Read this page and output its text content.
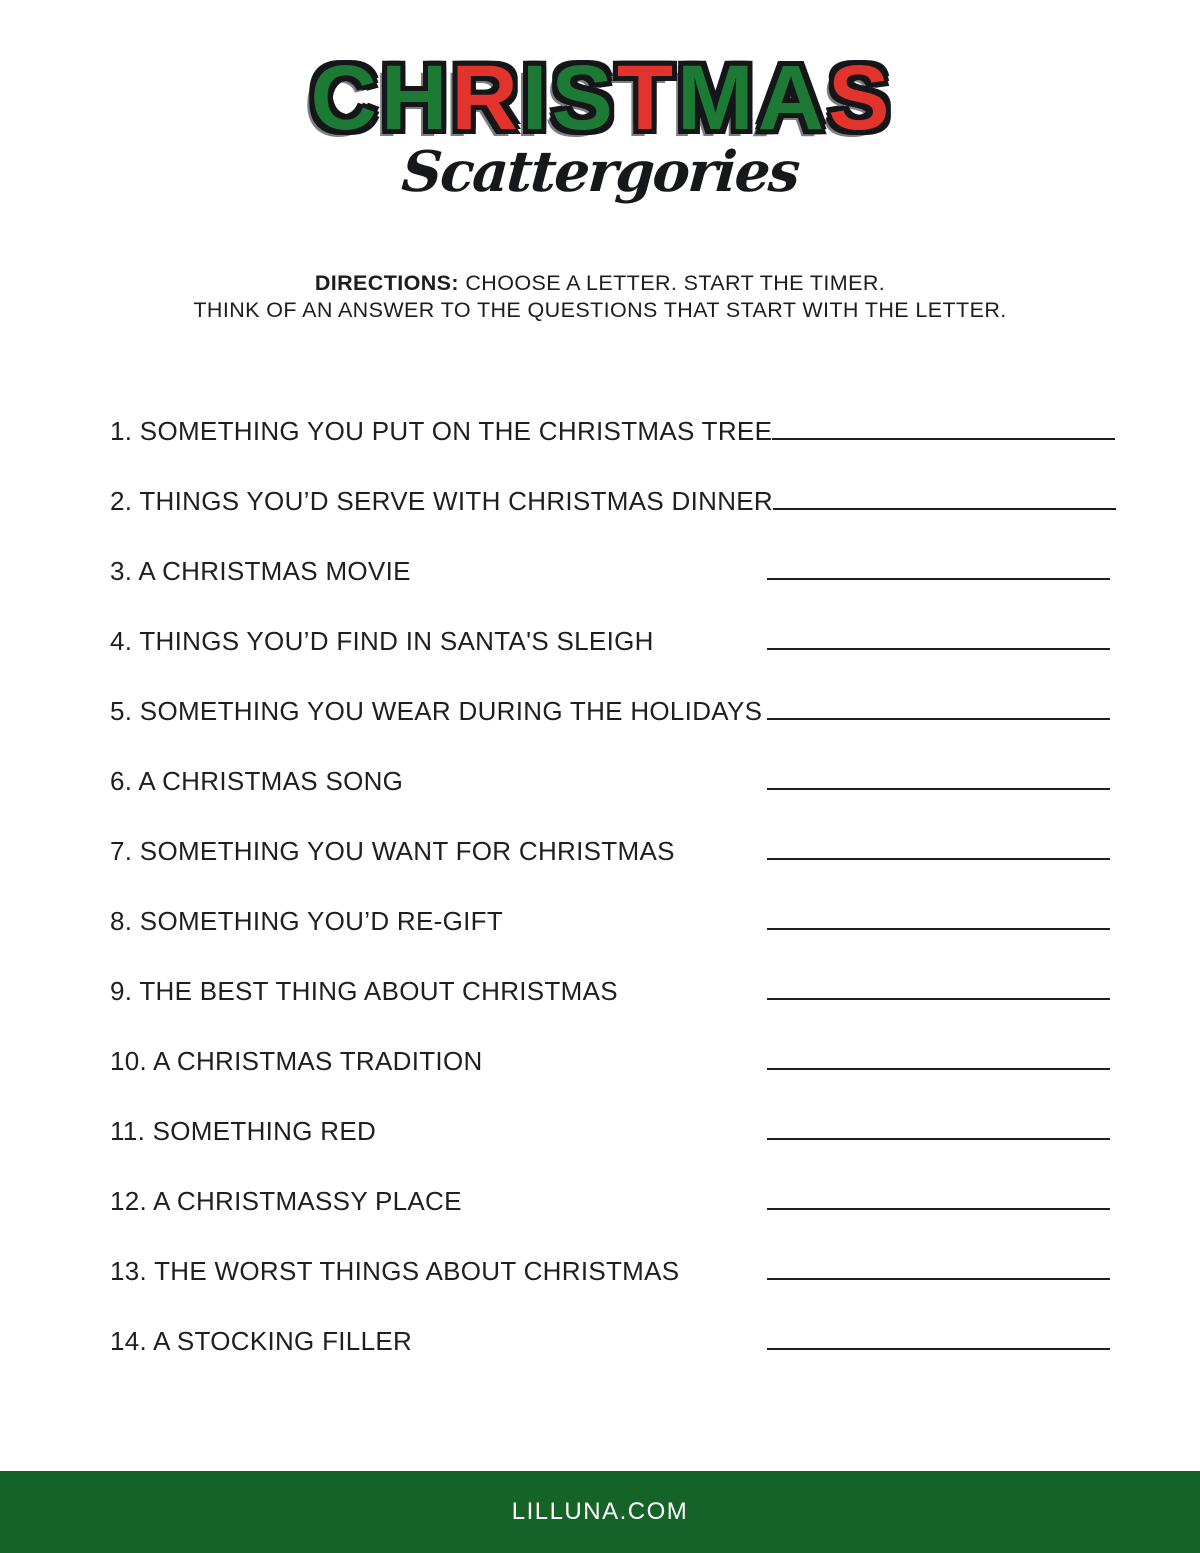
CHRISTMAS
Scattergories
DIRECTIONS: CHOOSE A LETTER. START THE TIMER.
THINK OF AN ANSWER TO THE QUESTIONS THAT START WITH THE LETTER.
1. SOMETHING YOU PUT ON THE CHRISTMAS TREE
2. THINGS YOU’D SERVE WITH CHRISTMAS DINNER
3. A CHRISTMAS MOVIE
4. THINGS YOU’D FIND IN SANTA'S SLEIGH
5. SOMETHING YOU WEAR DURING THE HOLIDAYS
6. A CHRISTMAS SONG
7. SOMETHING YOU WANT FOR CHRISTMAS
8. SOMETHING YOU’D RE-GIFT
9. THE BEST THING ABOUT CHRISTMAS
10. A CHRISTMAS TRADITION
11. SOMETHING RED
12. A CHRISTMASSY PLACE
13. THE WORST THINGS ABOUT CHRISTMAS
14. A STOCKING FILLER
LILLUNA.COM
